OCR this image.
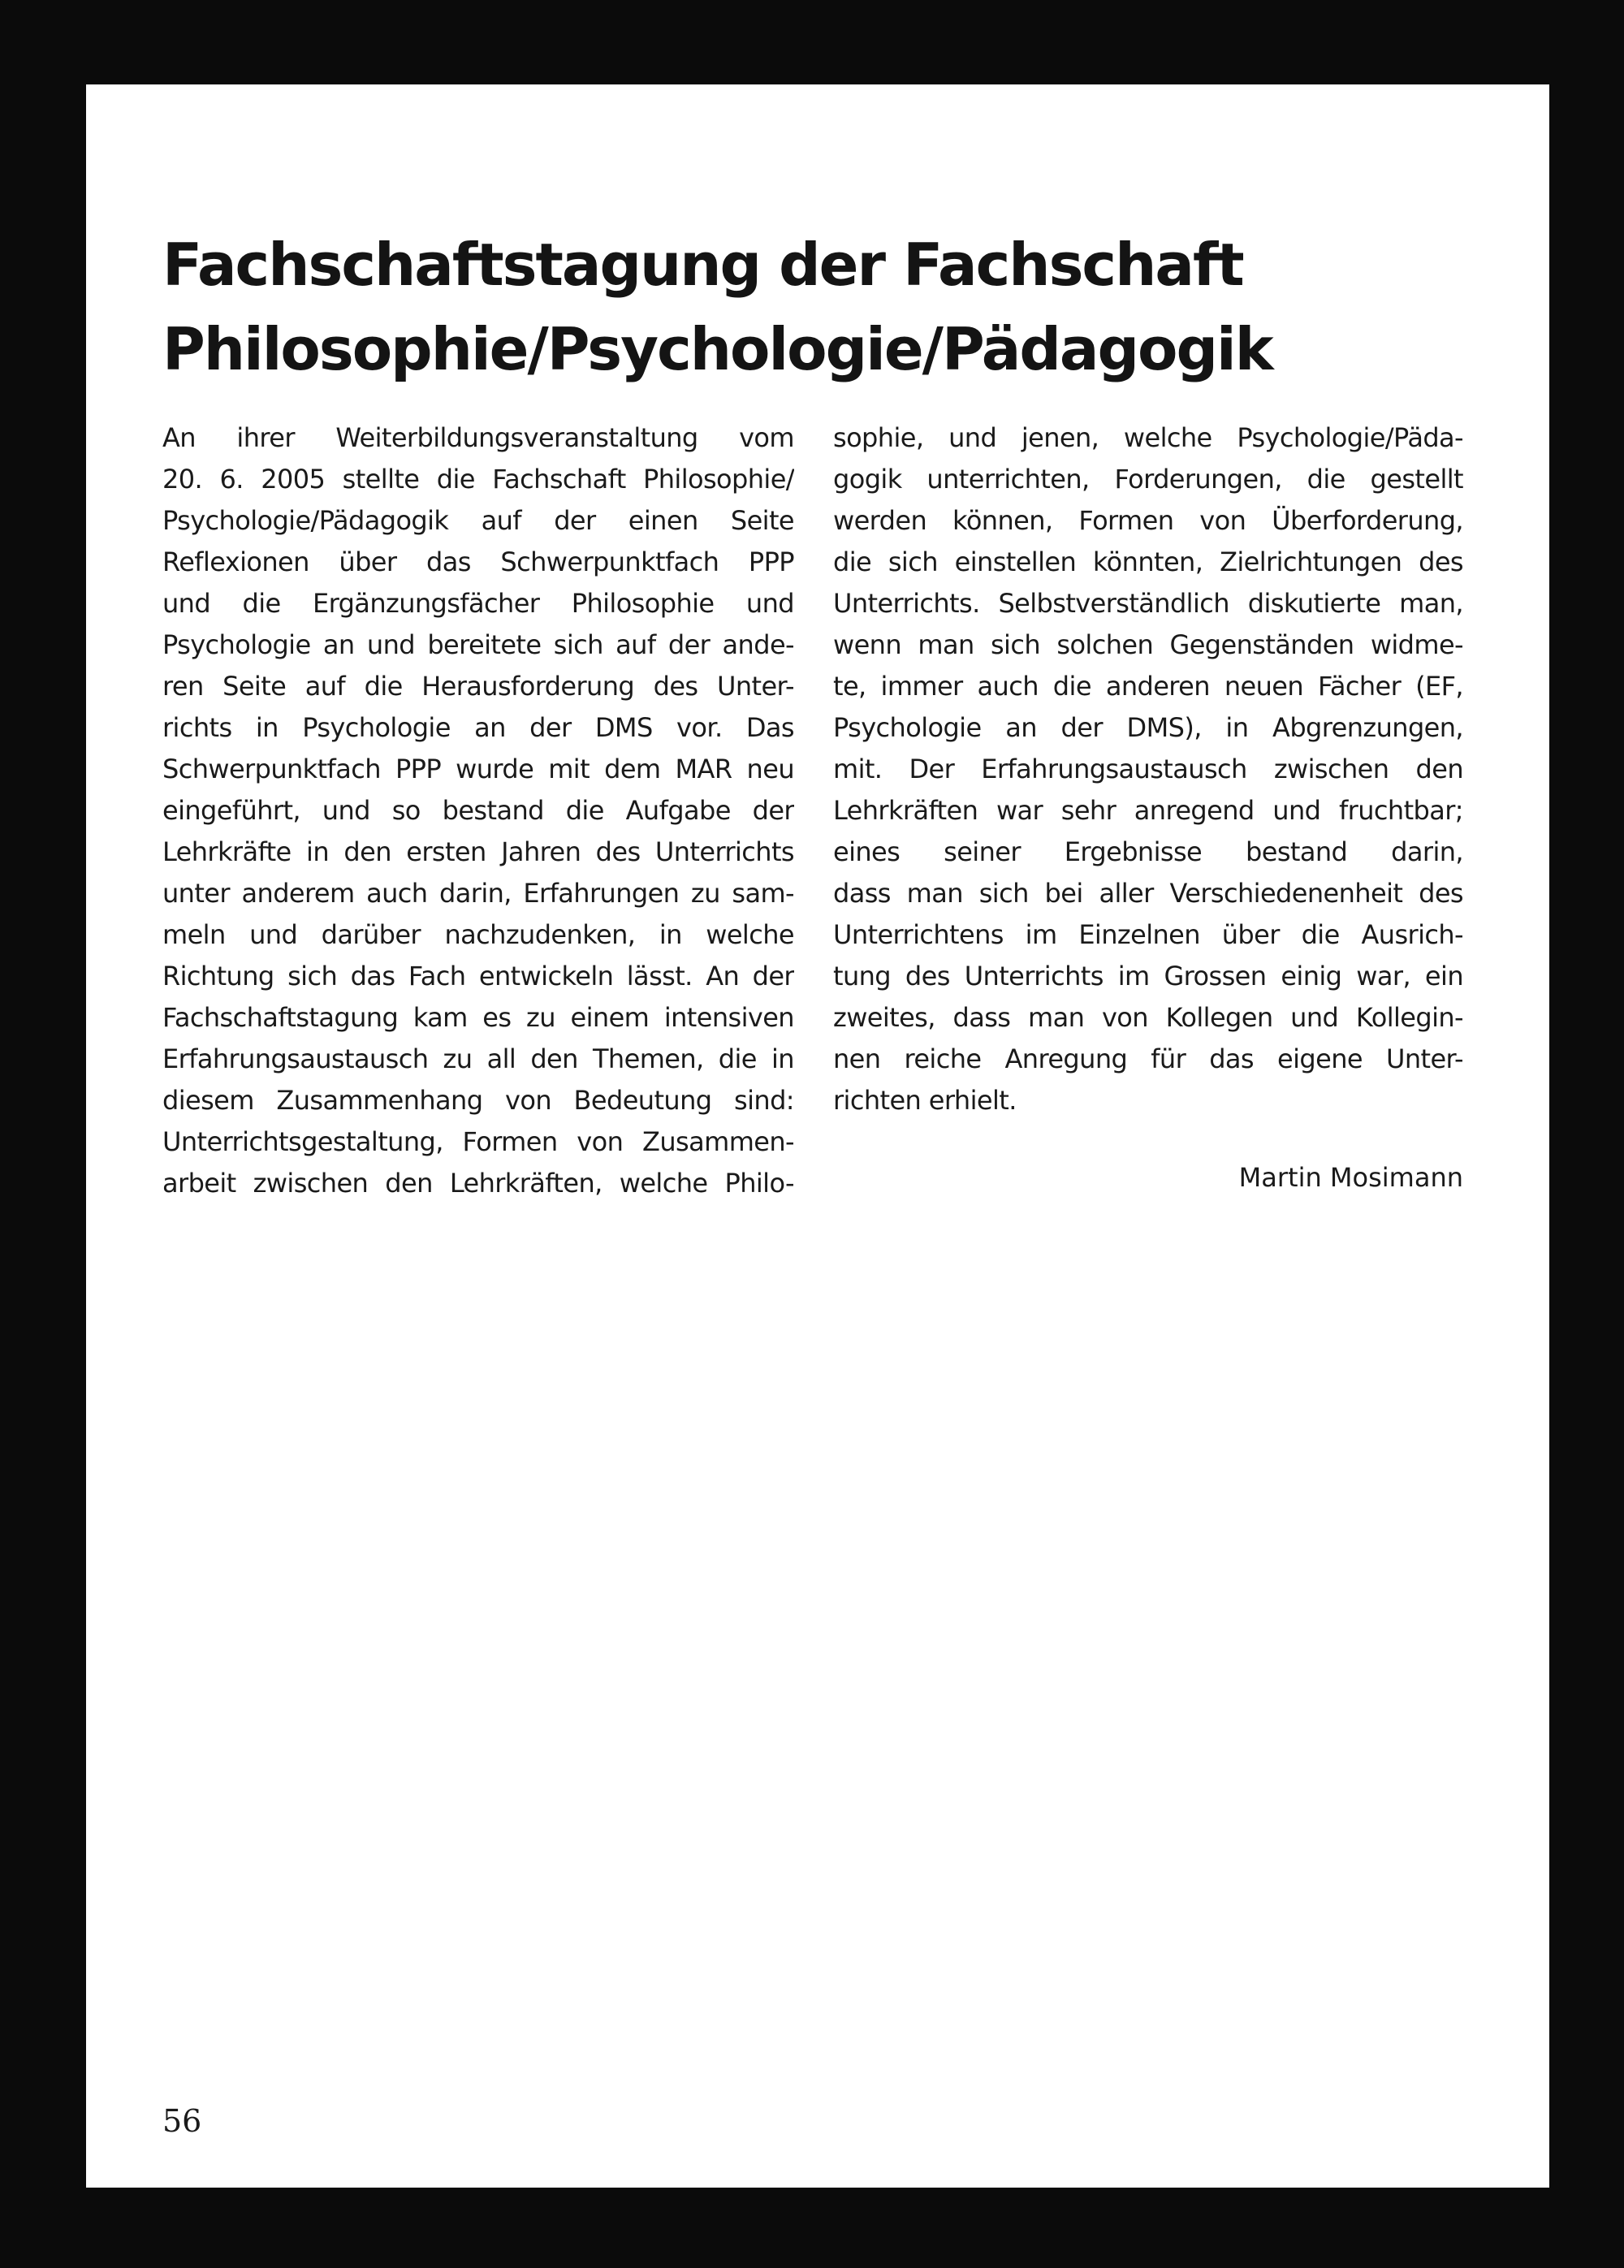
Fachschaftstagung der Fachschaft
Philosophie/Psychologie/Pädagogik
An ihrer Weiterbildungsveranstaltung vom
20. 6. 2005 stellte die Fachschaft Philosophie/
Psychologie/Pädagogik auf der einen Seite
Reflexionen über das Schwerpunktfach PPP
und die Ergänzungsfächer Philosophie und
Psychologie an und bereitete sich auf der ande-
ren Seite auf die Herausforderung des Unter-
richts in Psychologie an der DMS vor. Das
Schwerpunktfach PPP wurde mit dem MAR neu
eingeführt, und so bestand die Aufgabe der
Lehrkräfte in den ersten Jahren des Unterrichts
unter anderem auch darin, Erfahrungen zu sam-
meln und darüber nachzudenken, in welche
Richtung sich das Fach entwickeln lässt. An der
Fachschaftstagung kam es zu einem intensiven
Erfahrungsaustausch zu all den Themen, die in
diesem Zusammenhang von Bedeutung sind:
Unterrichtsgestaltung, Formen von Zusammen-
arbeit zwischen den Lehrkräften, welche Philo-
sophie, und jenen, welche Psychologie/Päda-
gogik unterrichten, Forderungen, die gestellt
werden können, Formen von Überforderung,
die sich einstellen könnten, Zielrichtungen des
Unterrichts. Selbstverständlich diskutierte man,
wenn man sich solchen Gegenständen widme-
te, immer auch die anderen neuen Fächer (EF,
Psychologie an der DMS), in Abgrenzungen,
mit. Der Erfahrungsaustausch zwischen den
Lehrkräften war sehr anregend und fruchtbar;
eines seiner Ergebnisse bestand darin,
dass man sich bei aller Verschiedenenheit des
Unterrichtens im Einzelnen über die Ausrich-
tung des Unterrichts im Grossen einig war, ein
zweites, dass man von Kollegen und Kollegin-
nen reiche Anregung für das eigene Unter-
richten erhielt.
Martin Mosimann
56
